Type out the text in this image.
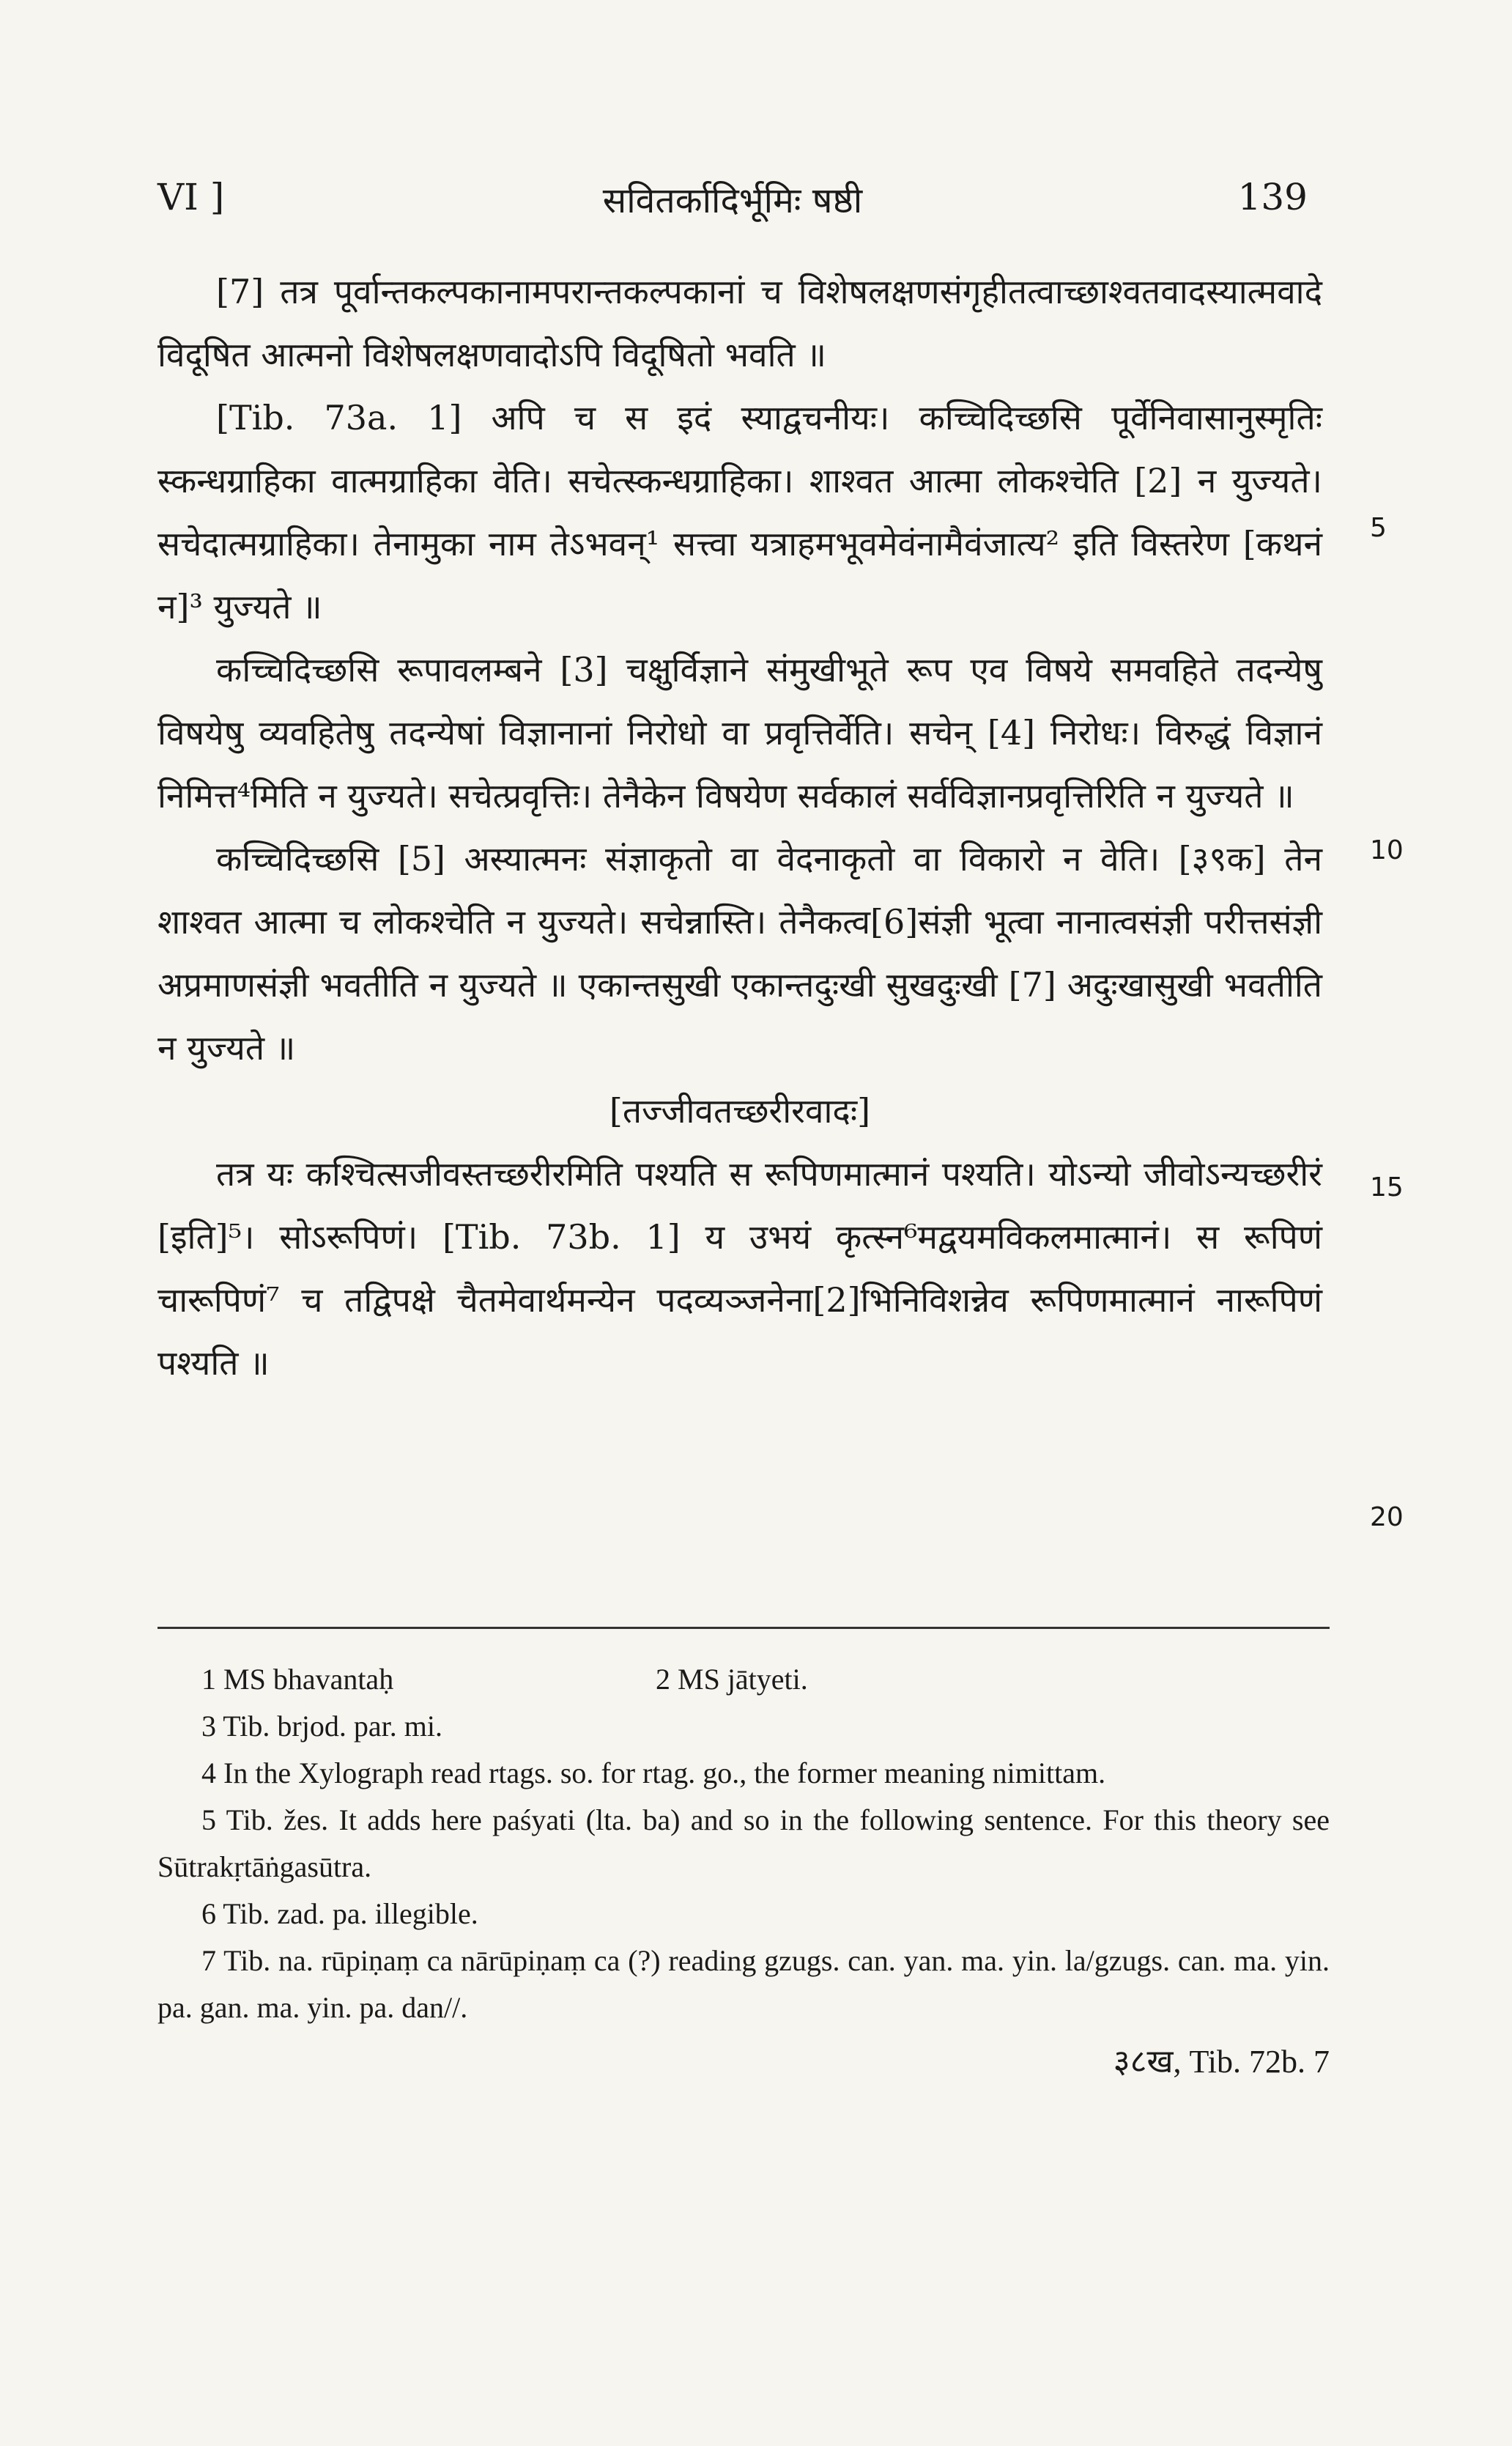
VI ]	सवितर्कादिर्भूमिः षष्ठी	139

[7] तत्र पूर्वान्तकल्पकानामपरान्तकल्पकानां च विशेषलक्षणसंगृहीतत्वाच्छाश्वतवादस्यात्मवादे विदूषित आत्मनो विशेषलक्षणवादोऽपि विदूषितो भवति ॥

[Tib. 73a. 1] अपि च स इदं स्याद्वचनीयः। कच्चिदिच्छसि पूर्वेनिवासानुस्मृतिः स्कन्धग्राहिका वात्मग्राहिका वेति। सचेत्स्कन्धग्राहिका। शाश्वत आत्मा लोकश्चेति [2] न युज्यते। सचेदात्मग्राहिका। तेनामुका नाम तेऽभवन्¹ सत्त्वा यत्राहमभूवमेवंनामैवंजात्य² इति विस्तरेण [कथनं न]³ युज्यते ॥

कच्चिदिच्छसि रूपावलम्बने [3] चक्षुर्विज्ञाने संमुखीभूते रूप एव विषये समवहिते तदन्येषु विषयेषु व्यवहितेषु तदन्येषां विज्ञानानां निरोधो वा प्रवृत्तिर्वेति। सचेन् [4] निरोधः। विरुद्धं विज्ञानं निमित्त⁴मिति न युज्यते। सचेत्प्रवृत्तिः। तेनैकेन विषयेण सर्वकालं सर्वविज्ञानप्रवृत्तिरिति न युज्यते ॥

कच्चिदिच्छसि [5] अस्यात्मनः संज्ञाकृतो वा वेदनाकृतो वा विकारो न वेति। [३९क] तेन शाश्वत आत्मा च लोकश्चेति न युज्यते। सचेन्नास्ति। तेनैकत्व[6]संज्ञी भूत्वा नानात्वसंज्ञी परीत्तसंज्ञी अप्रमाणसंज्ञी भवतीति न युज्यते ॥ एकान्तसुखी एकान्तदुःखी सुखदुःखी [7] अदुःखासुखी भवतीति न युज्यते ॥

[तज्जीवतच्छरीरवादः]

तत्र यः कश्चित्सजीवस्तच्छरीरमिति पश्यति स रूपिणमात्मानं पश्यति। योऽन्यो जीवोऽन्यच्छरीरं [इति]⁵। सोऽरूपिणं। [Tib. 73b. 1] य उभयं कृत्स्न⁶मद्वयमविकलमात्मानं। स रूपिणं चारूपिणं⁷ च तद्विपक्षे चैतमेवार्थमन्येन पदव्यञ्जनेना[2]भिनिविशन्नेव रूपिणमात्मानं नारूपिणं पश्यति ॥

5
10
15
20

1 MS bhavantaḥ	2 MS jātyeti.

3 Tib. brjod. par. mi.

4 In the Xylograph read rtags. so. for rtag. go., the former meaning nimittam.

5 Tib. žes. It adds here paśyati (lta. ba) and so in the following sentence. For this theory see Sūtrakṛtāṅgasūtra.

6 Tib. zad. pa. illegible.

7 Tib. na. rūpiṇaṃ ca nārūpiṇaṃ ca (?) reading gzugs. can. yan. ma. yin. la/gzugs. can. ma. yin. pa. gan. ma. yin. pa. dan//.

३८ख, Tib. 72b. 7
